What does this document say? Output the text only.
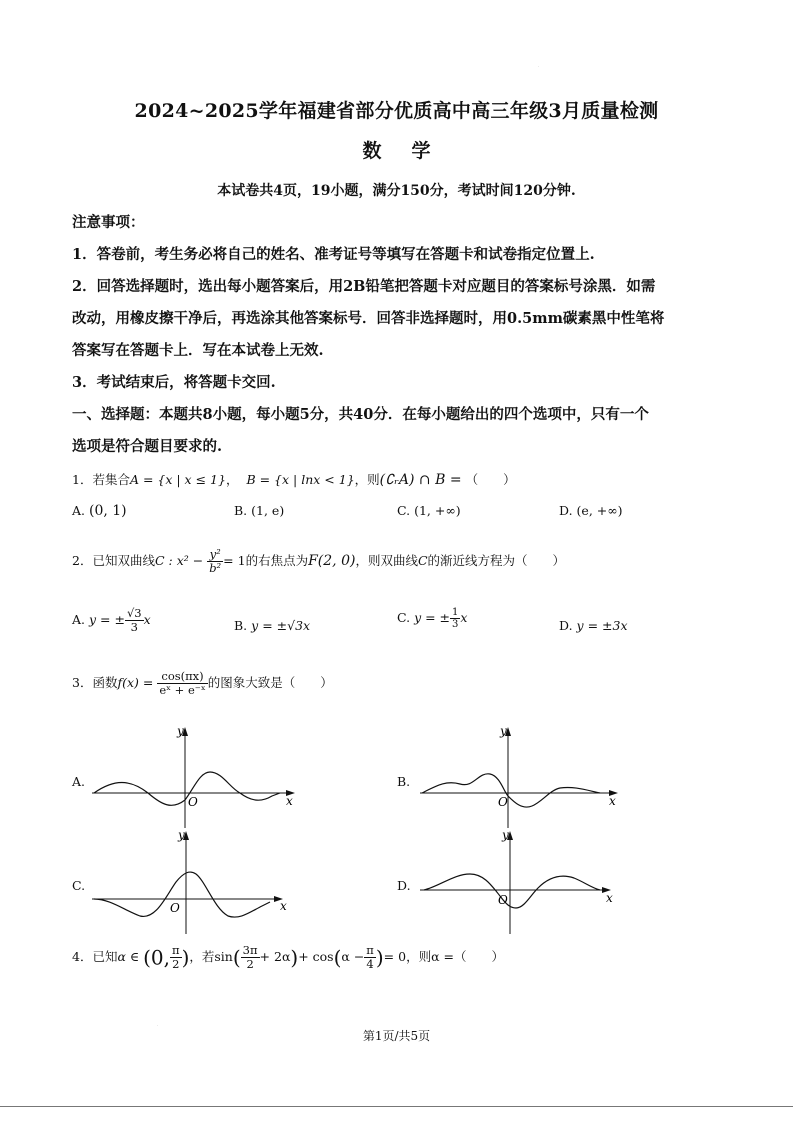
·
2024~2025学年福建省部分优质高中高三年级3月质量检测
数学
本试卷共4页，19小题，满分150分，考试时间120分钟.
注意事项：
1．答卷前，考生务必将自己的姓名、准考证号等填写在答题卡和试卷指定位置上.
2．回答选择题时，选出每小题答案后，用2B铅笔把答题卡对应题目的答案标号涂黑．如需
改动，用橡皮擦干净后，再选涂其他答案标号．回答非选择题时，用0.5mm碳素黑中性笔将
答案写在答题卡上．写在本试卷上无效.
3．考试结束后，将答题卡交回.
一、选择题：本题共8小题，每小题5分，共40分．在每小题给出的四个选项中，只有一个
选项是符合题目要求的.
1．若集合A = {x | x ≤ 1}， B = {x | lnx < 1}，则(∁ᵣA) ∩ B = （　　）
A. (0, 1)	B. (1, e)	C. (1, +∞)	D. (e, +∞)
2．已知双曲线C : $x^2 - \frac{\text{y²}}{\text{b²}} = 1$的右焦点为F(2, 0)，则双曲线C的渐近线方程为（　　）
A. y = ± $\frac{√3}{3}$ x	B. y = ±√3x
C. y = ± $\frac{1}{3}$ x
D. y = ±3x
3．函数$f(x) = \frac{\cos(\pi x)}{\text{eˣ + e⁻ˣ}}$ 的图象大致是（　　）
A.
y
x
O
B.
y
x
O
C.
y
x
O
D.
y
x
O
4．已知α ∈ (0, $\frac{\pi}{2}$ )，若$\sin( \frac{3\pi}{2} + 2\alpha)+ \cos(\alpha - \frac{\pi}{4}$ )= 0，则α =（　　）
·
第1页/共5页
